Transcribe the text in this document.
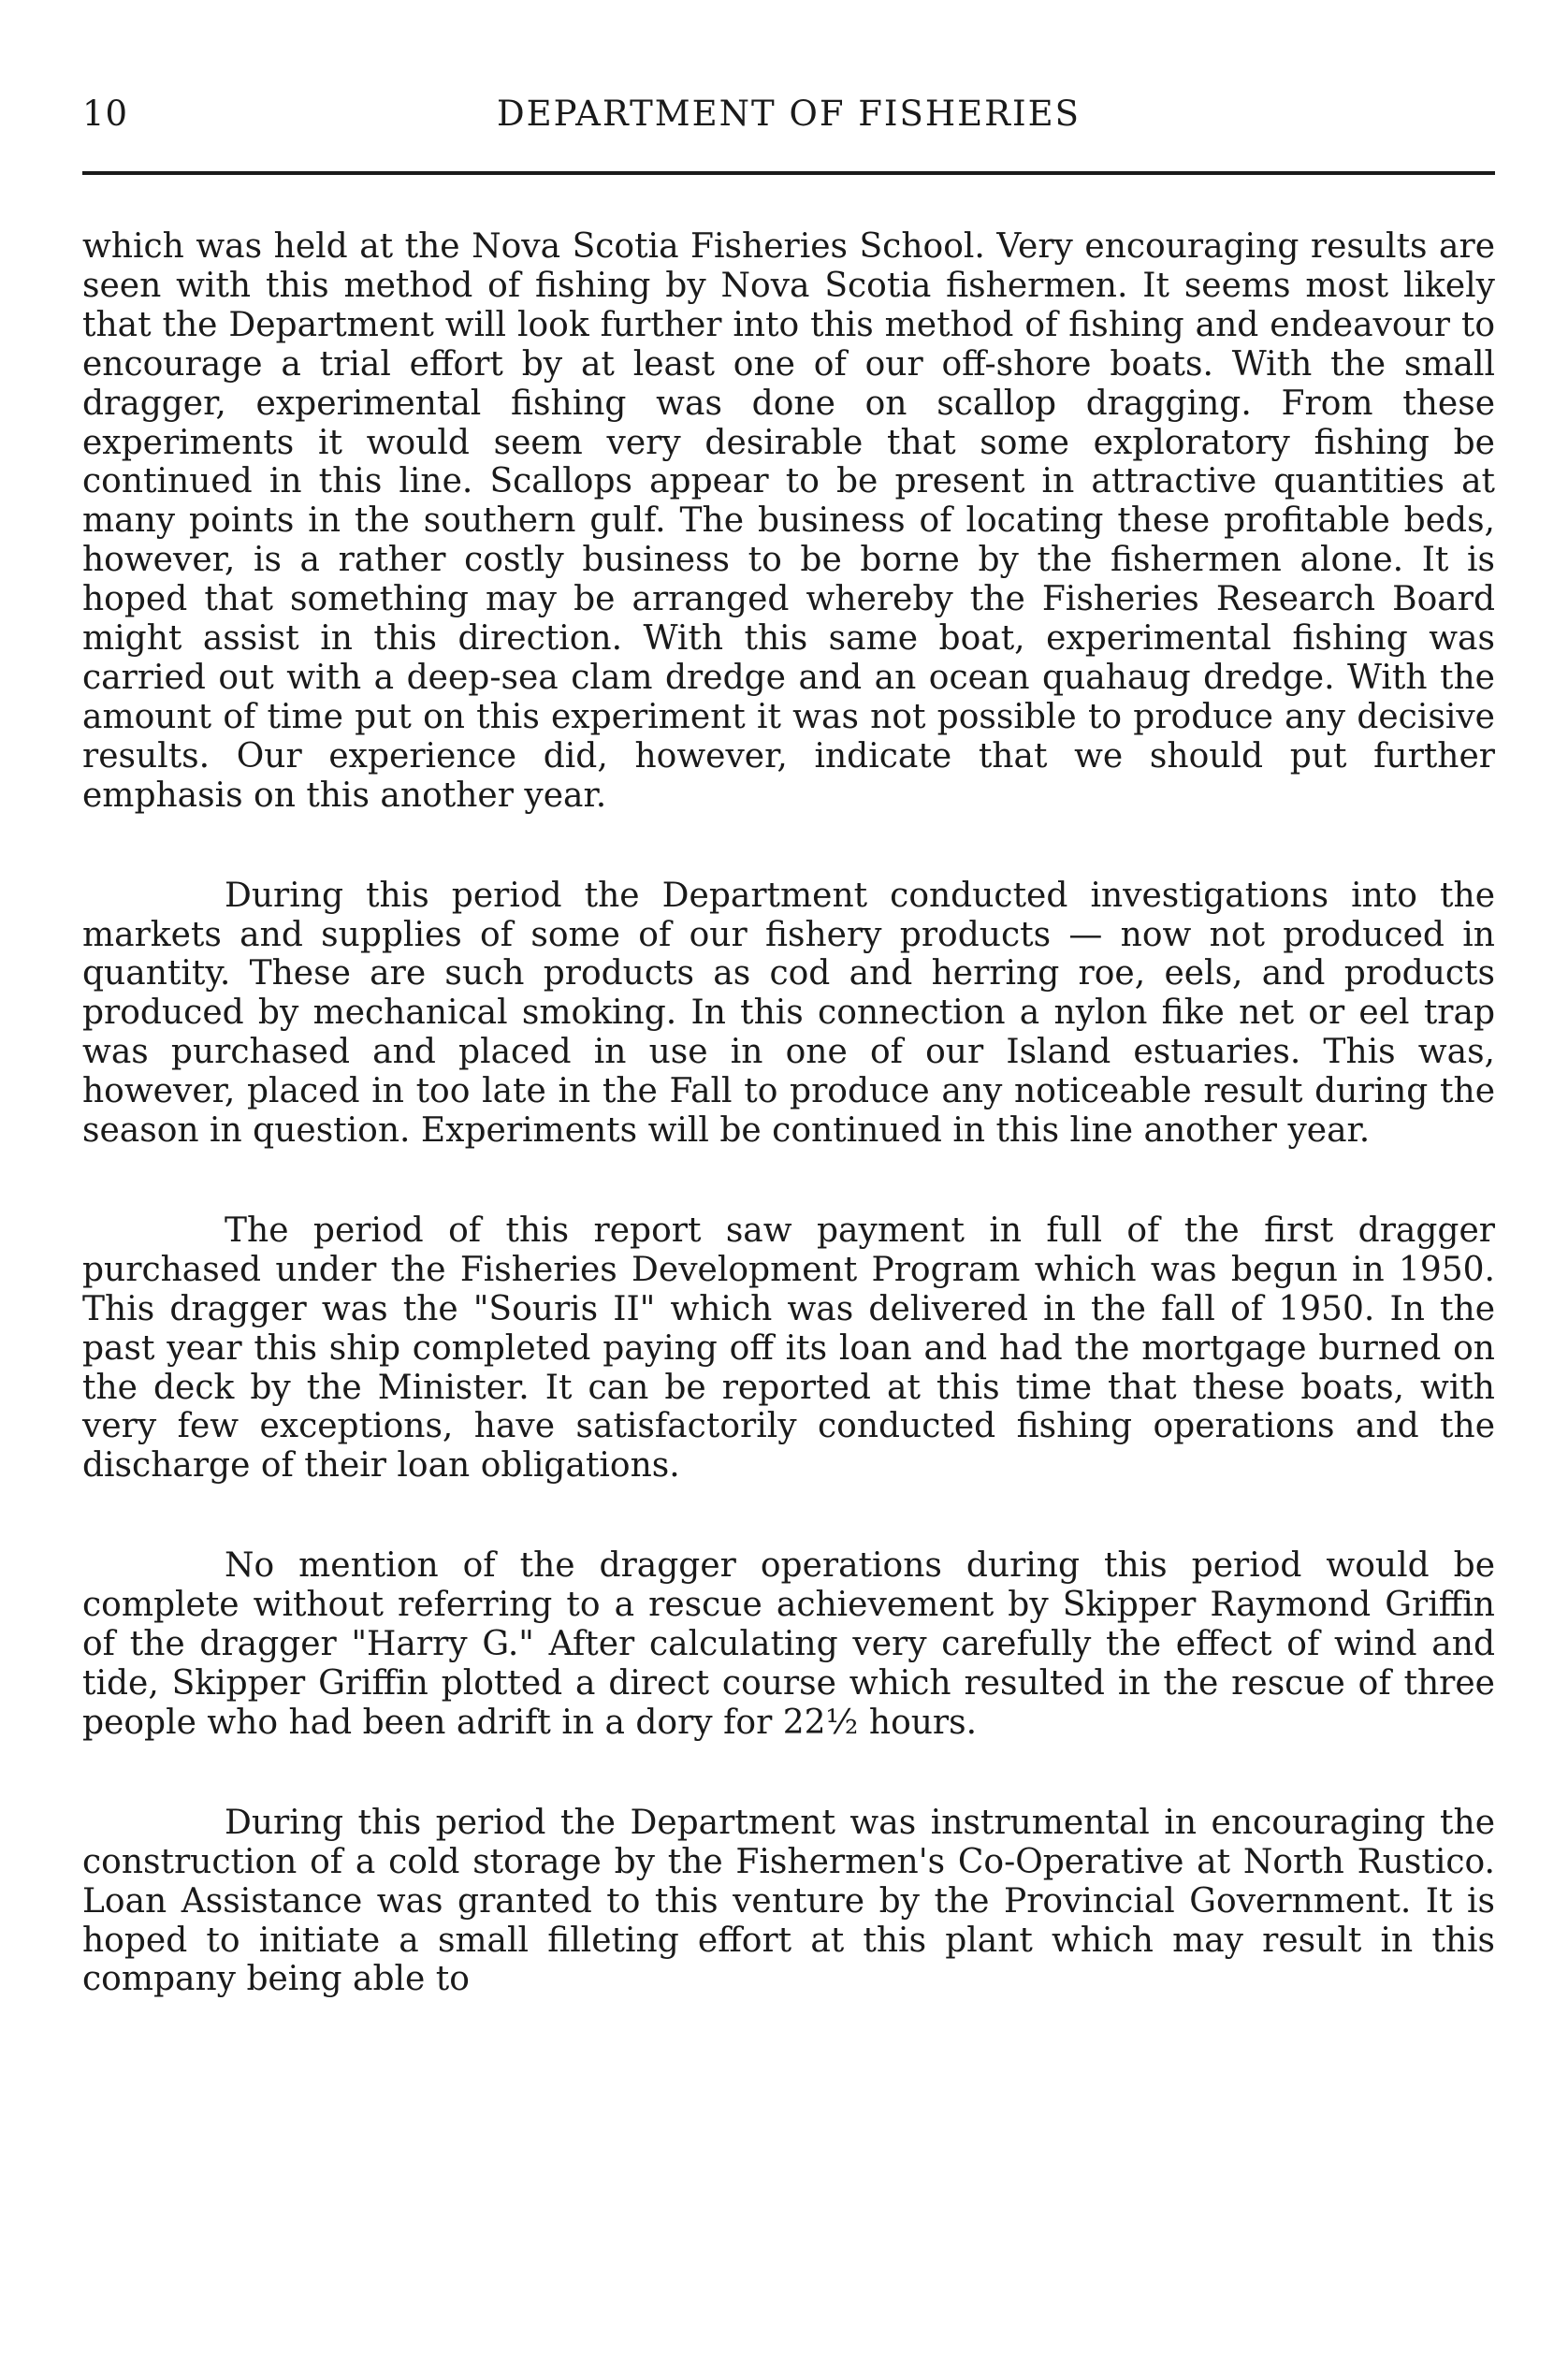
10	DEPARTMENT OF FISHERIES

which was held at the Nova Scotia Fisheries School. Very encouraging results are seen with this method of fishing by Nova Scotia fishermen. It seems most likely that the Department will look further into this method of fishing and endeavour to encourage a trial effort by at least one of our off-shore boats. With the small dragger, experimental fishing was done on scallop dragging. From these experiments it would seem very desirable that some exploratory fishing be continued in this line. Scallops appear to be present in attractive quantities at many points in the southern gulf. The business of locating these profitable beds, however, is a rather costly business to be borne by the fishermen alone. It is hoped that something may be arranged whereby the Fisheries Research Board might assist in this direction. With this same boat, experimental fishing was carried out with a deep-sea clam dredge and an ocean quahaug dredge. With the amount of time put on this experiment it was not possible to produce any decisive results. Our experience did, however, indicate that we should put further emphasis on this another year.

During this period the Department conducted investigations into the markets and supplies of some of our fishery products — now not produced in quantity. These are such products as cod and herring roe, eels, and products produced by mechanical smoking. In this connection a nylon fike net or eel trap was purchased and placed in use in one of our Island estuaries. This was, however, placed in too late in the Fall to produce any noticeable result during the season in question. Experiments will be continued in this line another year.

The period of this report saw payment in full of the first dragger purchased under the Fisheries Development Program which was begun in 1950. This dragger was the "Souris II" which was delivered in the fall of 1950. In the past year this ship completed paying off its loan and had the mortgage burned on the deck by the Minister. It can be reported at this time that these boats, with very few exceptions, have satisfactorily conducted fishing operations and the discharge of their loan obligations.

No mention of the dragger operations during this period would be complete without referring to a rescue achievement by Skipper Raymond Griffin of the dragger "Harry G." After calculating very carefully the effect of wind and tide, Skipper Griffin plotted a direct course which resulted in the rescue of three people who had been adrift in a dory for 22½ hours.

During this period the Department was instrumental in encouraging the construction of a cold storage by the Fishermen's Co-Operative at North Rustico. Loan Assistance was granted to this venture by the Provincial Government. It is hoped to initiate a small filleting effort at this plant which may result in this company being able to
